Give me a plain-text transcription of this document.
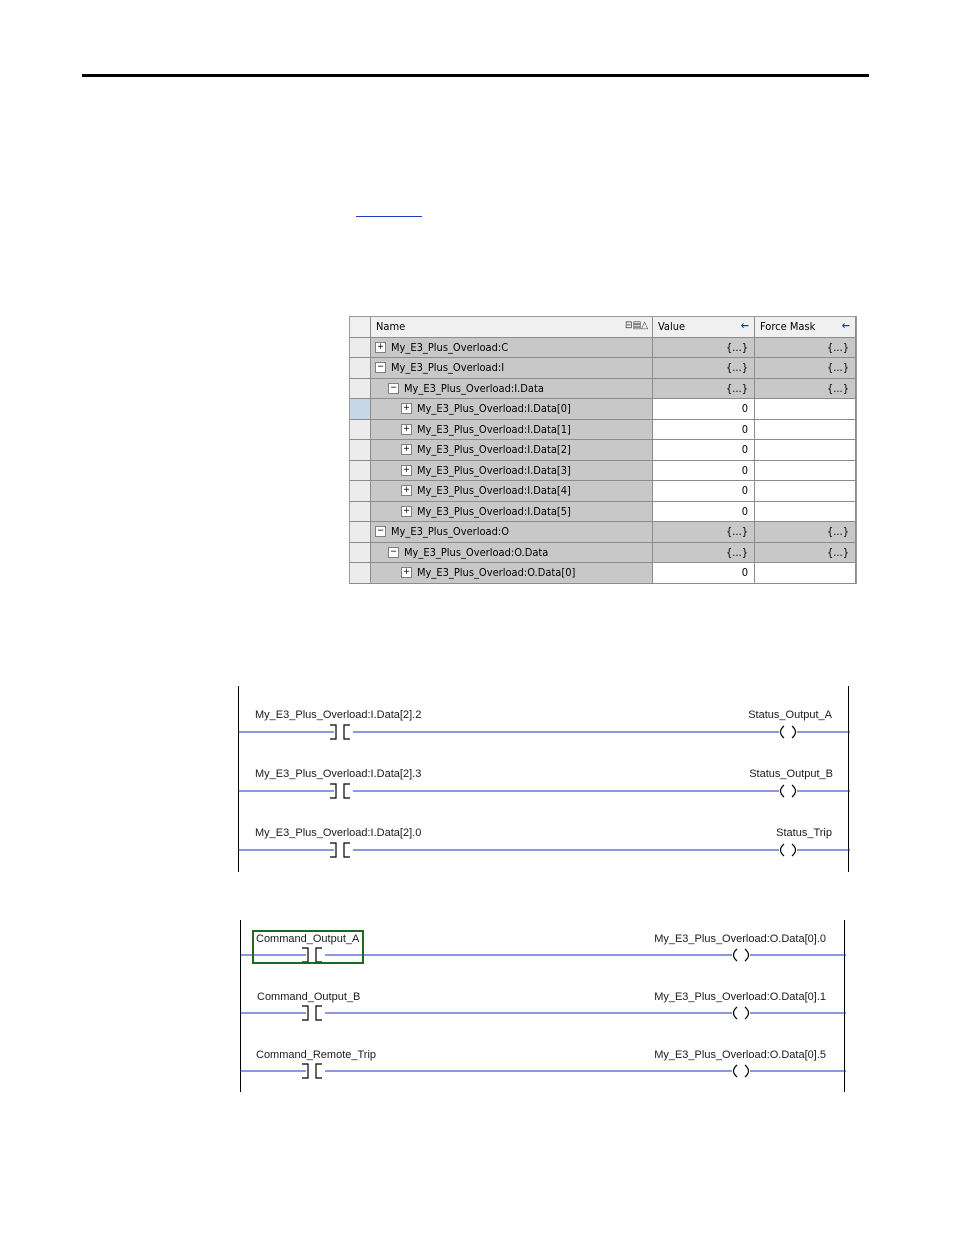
Name	⊟▤△ Value	← Force Mask ←
+ My_E3_Plus_Overload:C	{...}	{...}
− My_E3_Plus_Overload:I	{...}	{...}
− My_E3_Plus_Overload:I.Data	{...}	{...}
+ My_E3_Plus_Overload:I.Data[0]	0
+ My_E3_Plus_Overload:I.Data[1]	0
+ My_E3_Plus_Overload:I.Data[2]	0
+ My_E3_Plus_Overload:I.Data[3]	0
+ My_E3_Plus_Overload:I.Data[4]	0
+ My_E3_Plus_Overload:I.Data[5]	0
− My_E3_Plus_Overload:O	{...}	{...}
− My_E3_Plus_Overload:O.Data	{...}	{...}
+ My_E3_Plus_Overload:O.Data[0]	0
My_E3_Plus_Overload:I.Data[2].2	Status_Output_A
My_E3_Plus_Overload:I.Data[2].3	Status_Output_B
My_E3_Plus_Overload:I.Data[2].0	Status_Trip
Command_Output_A	My_E3_Plus_Overload:O.Data[0].0
Command_Output_B	My_E3_Plus_Overload:O.Data[0].1
Command_Remote_Trip	My_E3_Plus_Overload:O.Data[0].5
